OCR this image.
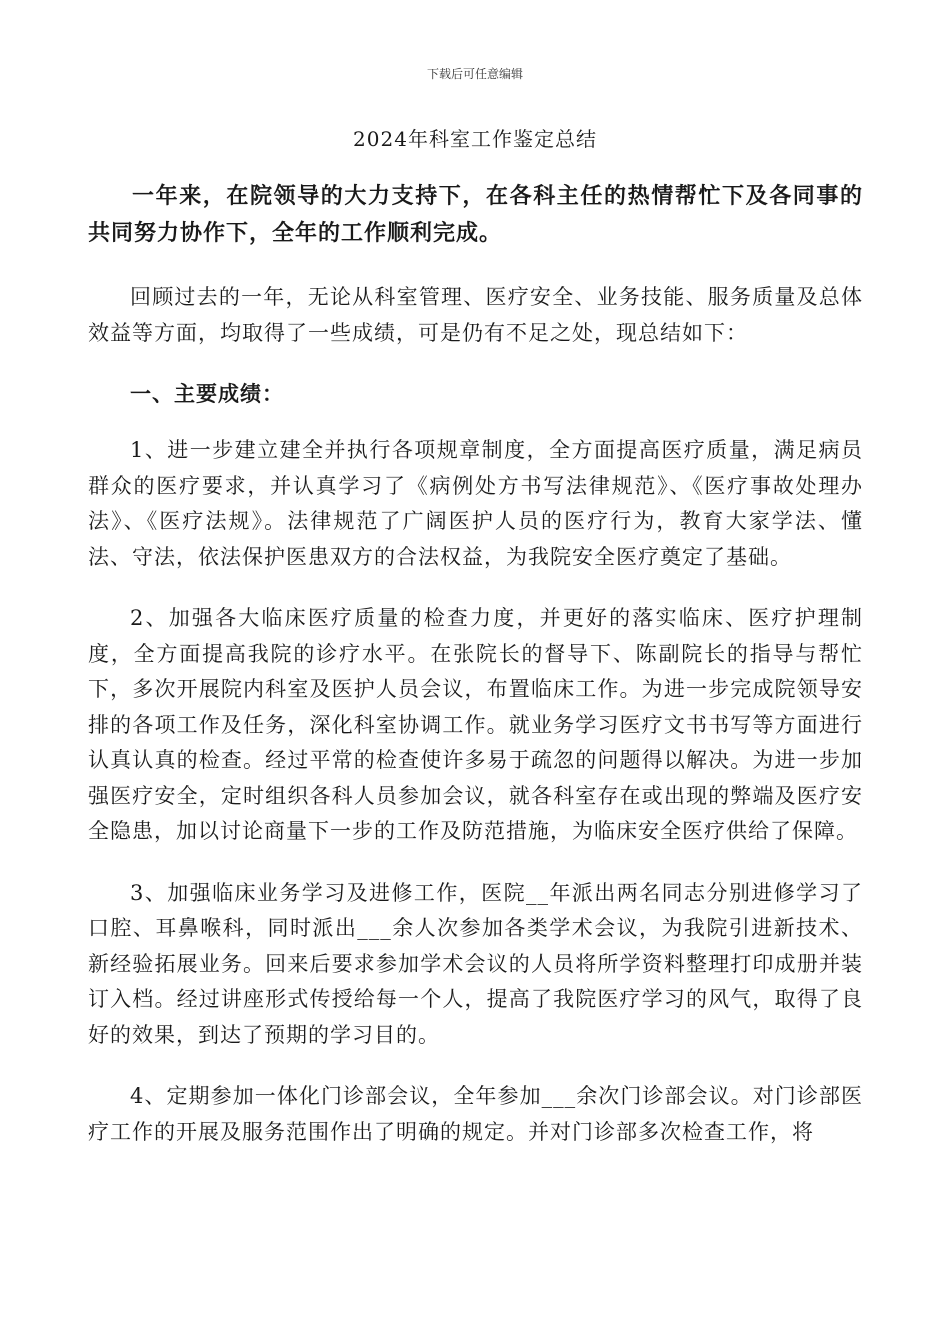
下载后可任意编辑
2024年科室工作鉴定总结

一年来，在院领导的大力支持下，在各科主任的热情帮忙下及各同事的共同努力协作下，全年的工作顺利完成。

回顾过去的一年，无论从科室管理、医疗安全、业务技能、服务质量及总体效益等方面，均取得了一些成绩，可是仍有不足之处，现总结如下：

一、主要成绩：

1、进一步建立建全并执行各项规章制度，全方面提高医疗质量，满足病员群众的医疗要求，并认真学习了《病例处方书写法律规范》、《医疗事故处理办法》、《医疗法规》。法律规范了广阔医护人员的医疗行为，教育大家学法、懂法、守法，依法保护医患双方的合法权益，为我院安全医疗奠定了基础。

2、加强各大临床医疗质量的检查力度，并更好的落实临床、医疗护理制度，全方面提高我院的诊疗水平。在张院长的督导下、陈副院长的指导与帮忙下，多次开展院内科室及医护人员会议，布置临床工作。为进一步完成院领导安排的各项工作及任务，深化科室协调工作。就业务学习医疗文书书写等方面进行认真认真的检查。经过平常的检查使许多易于疏忽的问题得以解决。为进一步加强医疗安全，定时组织各科人员参加会议，就各科室存在或出现的弊端及医疗安全隐患，加以讨论商量下一步的工作及防范措施，为临床安全医疗供给了保障。

3、加强临床业务学习及进修工作，医院__年派出两名同志分别进修学习了口腔、耳鼻喉科，同时派出___余人次参加各类学术会议，为我院引进新技术、新经验拓展业务。回来后要求参加学术会议的人员将所学资料整理打印成册并装订入档。经过讲座形式传授给每一个人，提高了我院医疗学习的风气，取得了良好的效果，到达了预期的学习目的。

4、定期参加一体化门诊部会议，全年参加___余次门诊部会议。对门诊部医疗工作的开展及服务范围作出了明确的规定。并对门诊部多次检查工作，将
